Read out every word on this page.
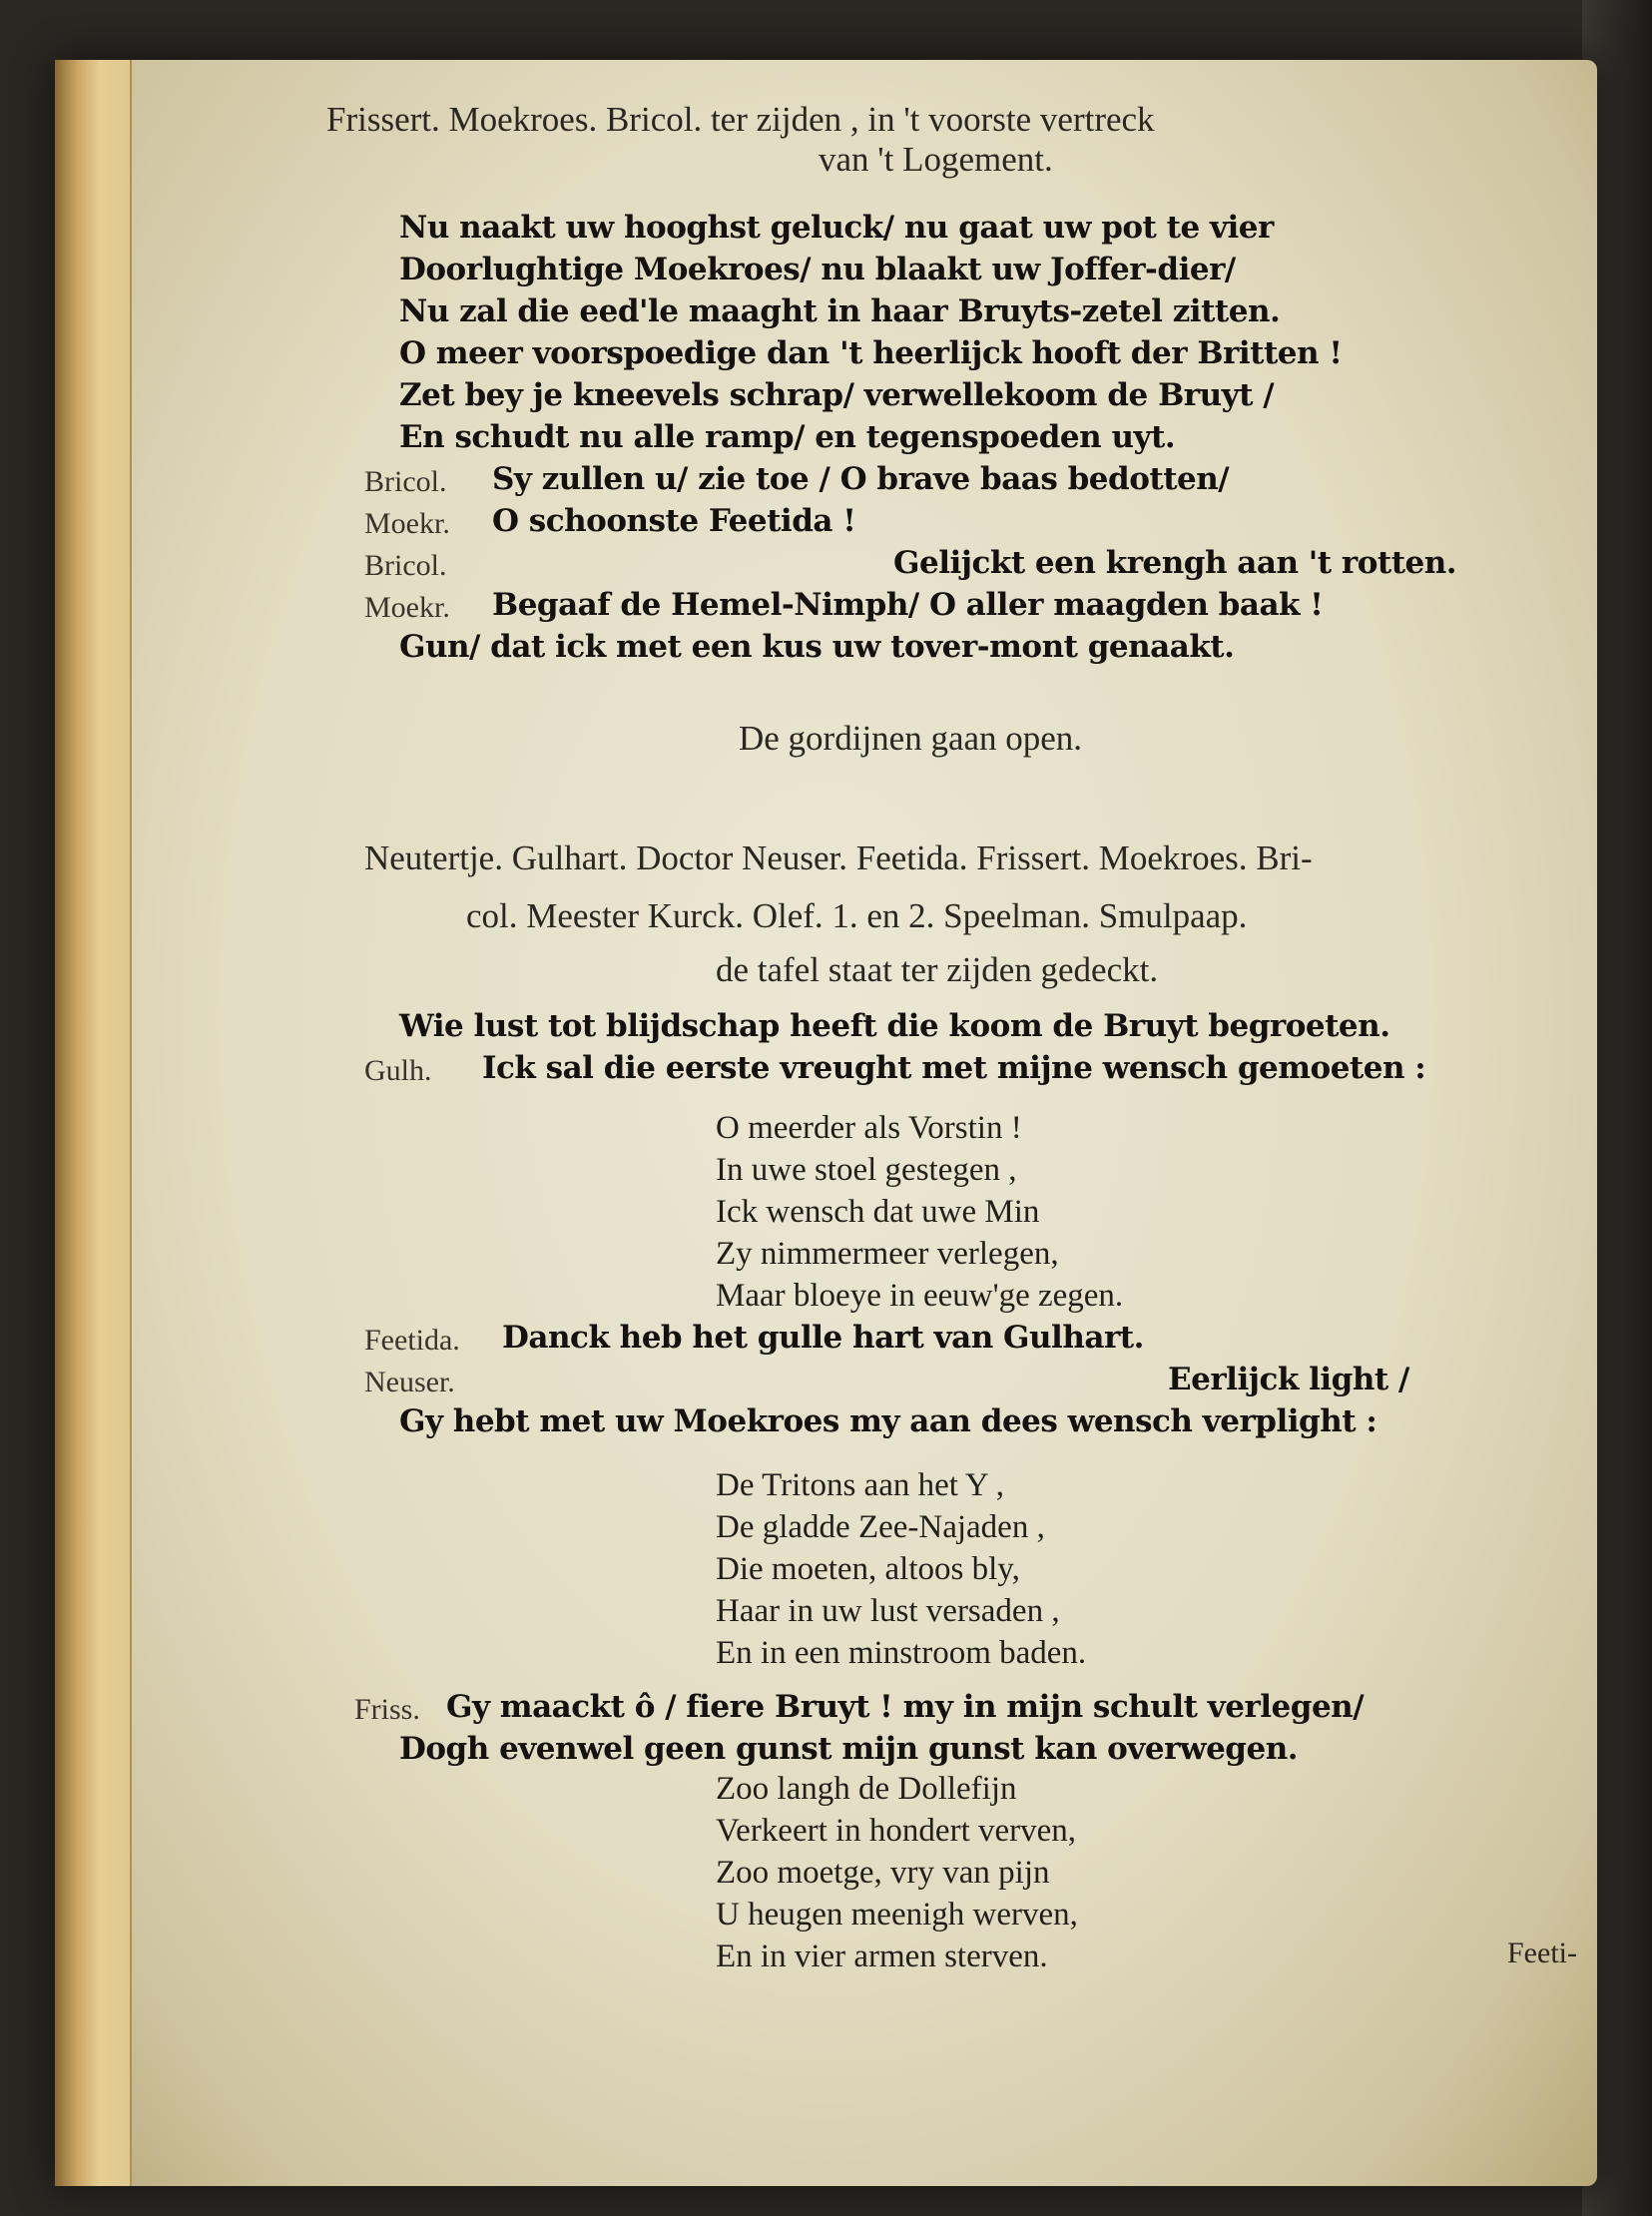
Frissert. Moekroes. Bricol. ter zijden , in 't voorste vertreck
van 't Logement.
Nu naakt uw hooghst geluck/ nu gaat uw pot te vier
Doorlughtige Moekroes/ nu blaakt uw Joffer-dier/
Nu zal die eed'le maaght in haar Bruyts-zetel zitten.
O meer voorspoedige dan 't heerlijck hooft der Britten !
Zet bey je kneevels schrap/ verwellekoom de Bruyt /
En schudt nu alle ramp/ en tegenspoeden uyt.
Bricol. Sy zullen u/ zie toe / O brave baas bedotten/
Moekr. O schoonste Feetida !
Bricol.	Gelijckt een krengh aan 't rotten.
Moekr. Begaaf de Hemel-Nimph/ O aller maagden baak !
Gun/ dat ick met een kus uw tover-mont genaakt.
De gordijnen gaan open.
Neutertje. Gulhart. Doctor Neuser. Feetida. Frissert. Moekroes. Bri-
col. Meester Kurck. Olef. 1. en 2. Speelman. Smulpaap.
de tafel staat ter zijden gedeckt.
Wie lust tot blijdschap heeft die koom de Bruyt begroeten.
Gulh. Ick sal die eerste vreught met mijne wensch gemoeten :
O meerder als Vorstin !
In uwe stoel gestegen ,
Ick wensch dat uwe Min
Zy nimmermeer verlegen,
Maar bloeye in eeuw'ge zegen.
Feetida. Danck heb het gulle hart van Gulhart.
Neuser.	Eerlijck light /
Gy hebt met uw Moekroes my aan dees wensch verplight :
De Tritons aan het Y ,
De gladde Zee-Najaden ,
Die moeten, altoos bly,
Haar in uw lust versaden ,
En in een minstroom baden.
Friss. Gy maackt ô / fiere Bruyt ! my in mijn schult verlegen/
Dogh evenwel geen gunst mijn gunst kan overwegen.
Zoo langh de Dollefijn
Verkeert in hondert verven,
Zoo moetge, vry van pijn
U heugen meenigh werven,
En in vier armen sterven.	Feeti-
